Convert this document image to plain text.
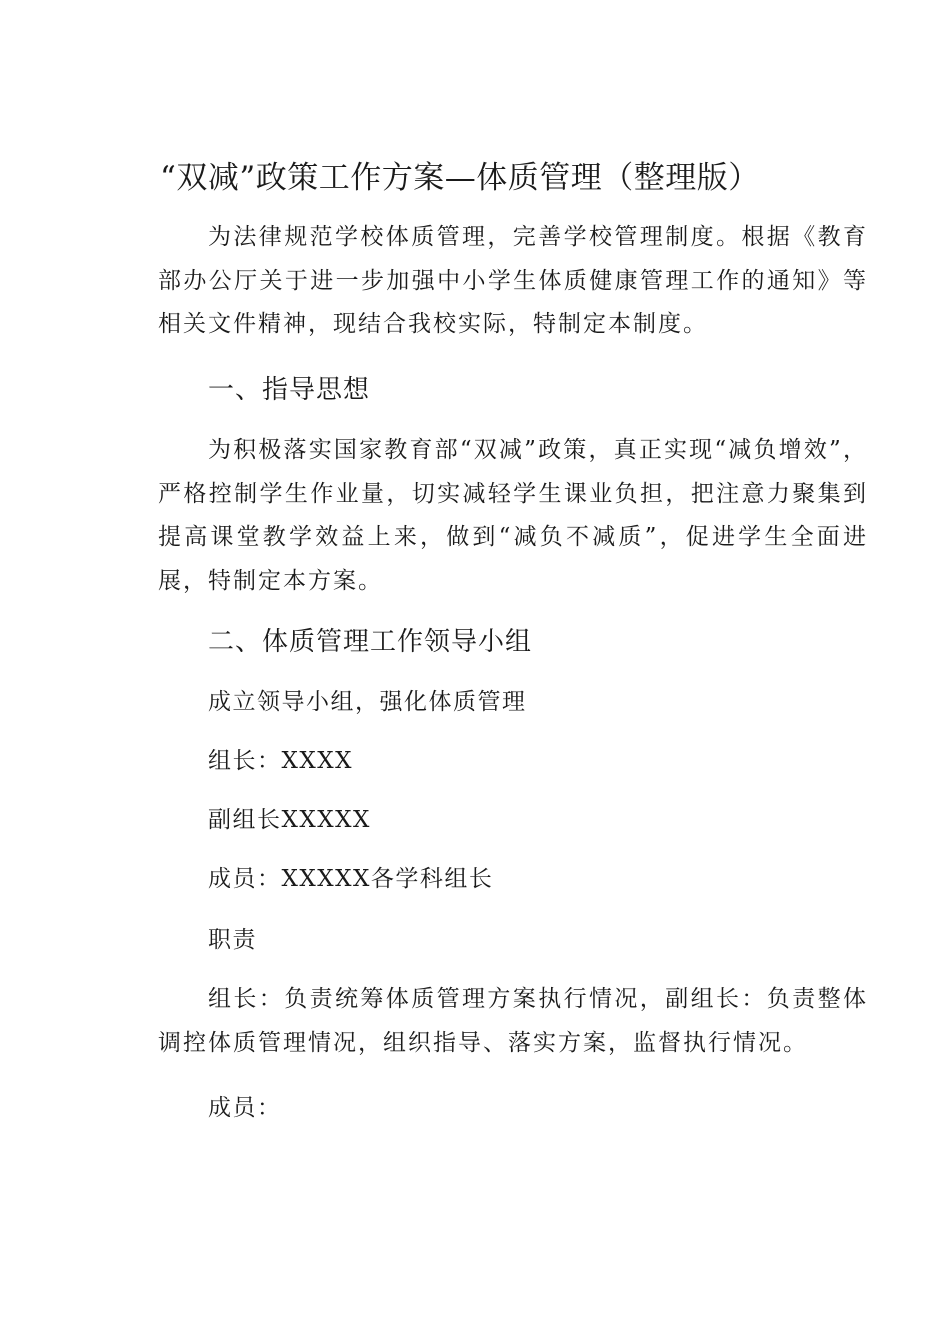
“双减”政策工作方案—体质管理（整理版）

为法律规范学校体质管理，完善学校管理制度。根据《教育部办公厅关于进一步加强中小学生体质健康管理工作的通知》等相关文件精神，现结合我校实际，特制定本制度。

一、指导思想

为积极落实国家教育部“双减”政策，真正实现“减负增效”，严格控制学生作业量，切实减轻学生课业负担，把注意力聚集到提高课堂教学效益上来，做到“减负不减质”，促进学生全面进展，特制定本方案。

二、体质管理工作领导小组

成立领导小组，强化体质管理

组长：XXXX

副组长XXXXX

成员：XXXXX各学科组长

职责

组长：负责统筹体质管理方案执行情况，副组长：负责整体调控体质管理情况，组织指导、落实方案，监督执行情况。

成员：
